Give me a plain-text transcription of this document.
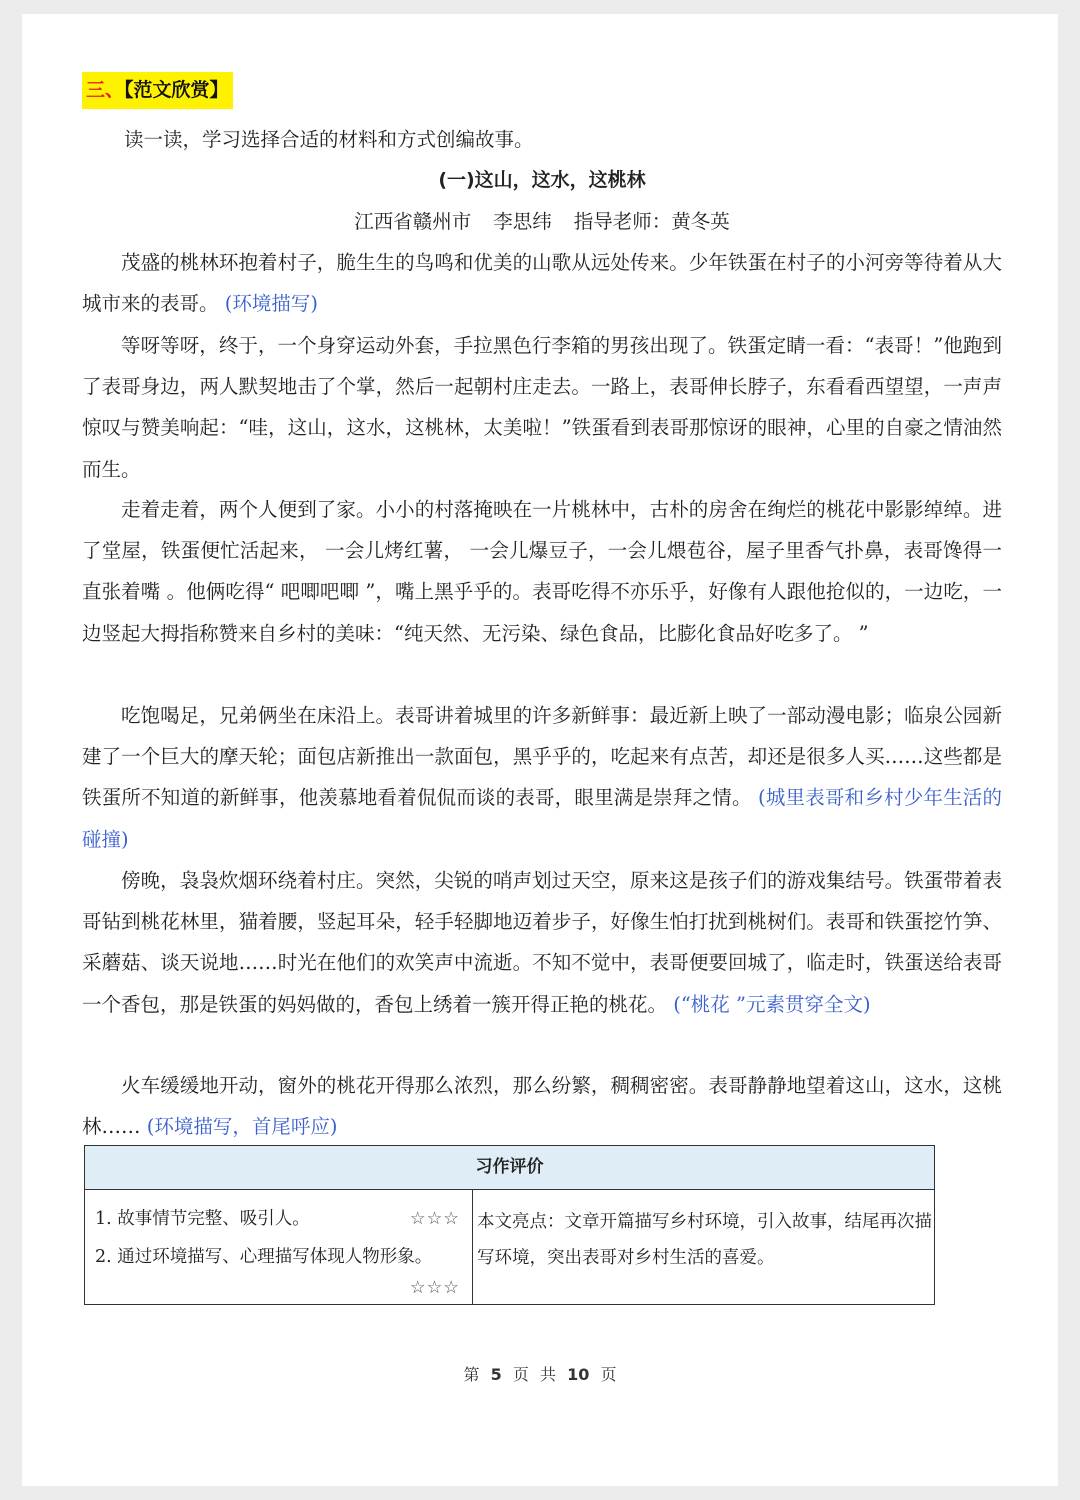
三、【范文欣赏】
读一读，学习选择合适的材料和方式创编故事。
(一)这山，这水，这桃林
江西省赣州市 李思纬 指导老师：黄冬英

茂盛的桃林环抱着村子，脆生生的鸟鸣和优美的山歌从远处传来。少年铁蛋在村子的小河旁等待着从大城市来的表哥。 (环境描写)

等呀等呀，终于，一个身穿运动外套，手拉黑色行李箱的男孩出现了。铁蛋定睛一看：“表哥！”他跑到了表哥身边，两人默契地击了个掌，然后一起朝村庄走去。一路上，表哥伸长脖子，东看看西望望，一声声惊叹与赞美响起：“哇，这山，这水，这桃林，太美啦！”铁蛋看到表哥那惊讶的眼神，心里的自豪之情油然而生。

走着走着，两个人便到了家。小小的村落掩映在一片桃林中，古朴的房舍在绚烂的桃花中影影绰绰。进了堂屋，铁蛋便忙活起来， 一会儿烤红薯， 一会儿爆豆子，一会儿煨苞谷，屋子里香气扑鼻，表哥馋得一直张着嘴 。他俩吃得“ 吧唧吧唧 ”，嘴上黑乎乎的。表哥吃得不亦乐乎，好像有人跟他抢似的，一边吃，一边竖起大拇指称赞来自乡村的美味：“纯天然、无污染、绿色食品，比膨化食品好吃多了。 ”

吃饱喝足，兄弟俩坐在床沿上。表哥讲着城里的许多新鲜事：最近新上映了一部动漫电影；临泉公园新建了一个巨大的摩天轮；面包店新推出一款面包，黑乎乎的，吃起来有点苦，却还是很多人买……这些都是铁蛋所不知道的新鲜事，他羡慕地看着侃侃而谈的表哥，眼里满是崇拜之情。 (城里表哥和乡村少年生活的碰撞)

傍晚，袅袅炊烟环绕着村庄。突然，尖锐的哨声划过天空，原来这是孩子们的游戏集结号。铁蛋带着表哥钻到桃花林里，猫着腰，竖起耳朵，轻手轻脚地迈着步子，好像生怕打扰到桃树们。表哥和铁蛋挖竹笋、采蘑菇、谈天说地……时光在他们的欢笑声中流逝。不知不觉中，表哥便要回城了，临走时，铁蛋送给表哥一个香包，那是铁蛋的妈妈做的，香包上绣着一簇开得正艳的桃花。 (“桃花 ”元素贯穿全文)

火车缓缓地开动，窗外的桃花开得那么浓烈，那么纷繁，稠稠密密。表哥静静地望着这山，这水，这桃林…… (环境描写，首尾呼应)

习作评价
1. 故事情节完整、吸引人。	☆☆☆
2. 通过环境描写、心理描写体现人物形象。
☆☆☆
本文亮点：文章开篇描写乡村环境，引入故事，结尾再次描写环境，突出表哥对乡村生活的喜爱。
第 5 页 共 10 页
